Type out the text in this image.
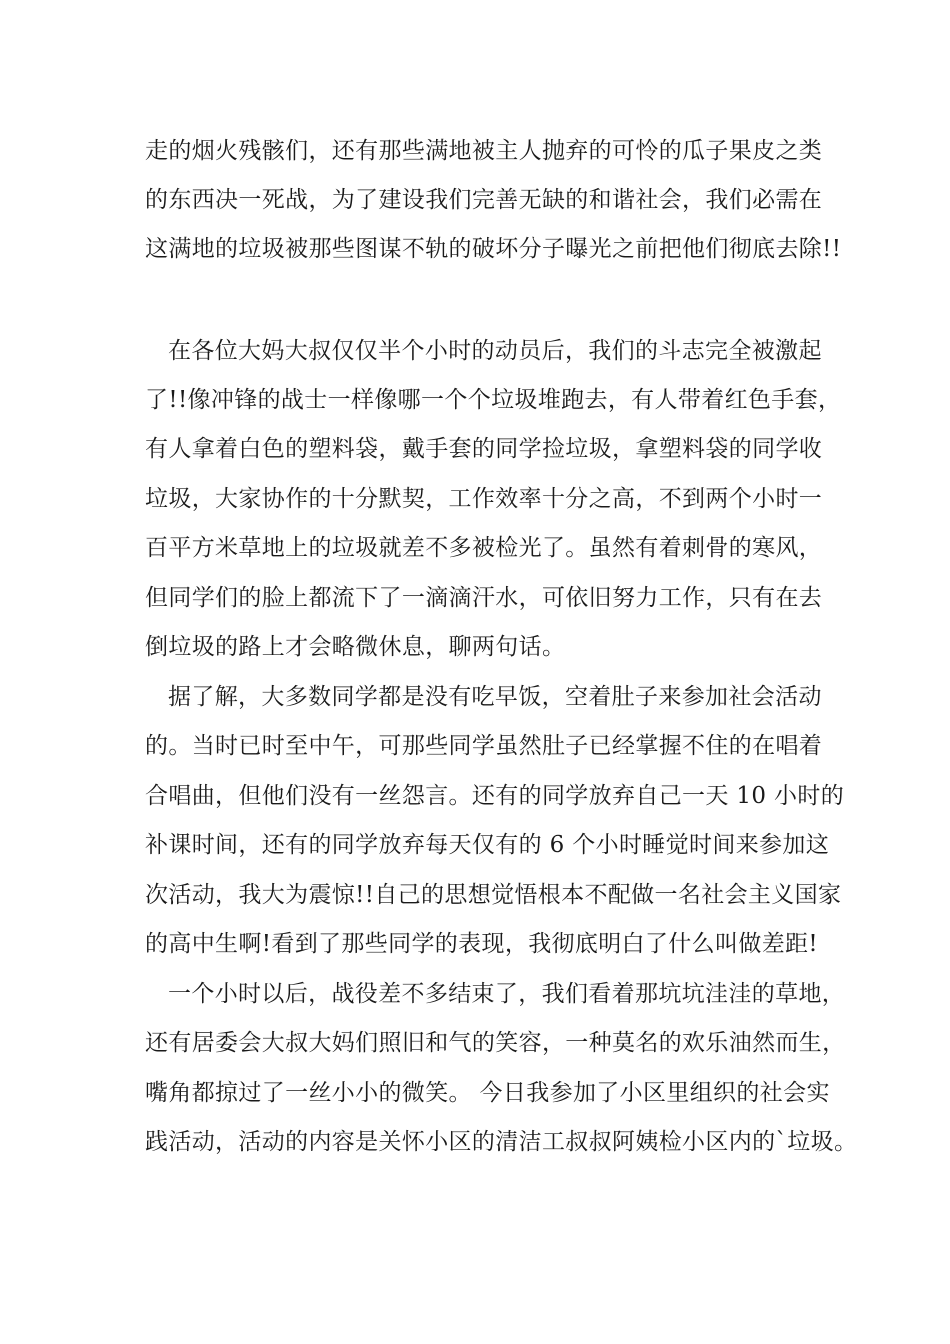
走的烟火残骸们，还有那些满地被主人抛弃的可怜的瓜子果皮之类
的东西决一死战，为了建设我们完善无缺的和谐社会，我们必需在
这满地的垃圾被那些图谋不轨的破坏分子曝光之前把他们彻底去除!!
在各位大妈大叔仅仅半个小时的动员后，我们的斗志完全被激起
了!!像冲锋的战士一样像哪一个个垃圾堆跑去，有人带着红色手套，
有人拿着白色的塑料袋，戴手套的同学捡垃圾，拿塑料袋的同学收
垃圾，大家协作的十分默契，工作效率十分之高，不到两个小时一
百平方米草地上的垃圾就差不多被检光了。虽然有着刺骨的寒风，
但同学们的脸上都流下了一滴滴汗水，可依旧努力工作，只有在去
倒垃圾的路上才会略微休息，聊两句话。
据了解，大多数同学都是没有吃早饭，空着肚子来参加社会活动
的。当时已时至中午，可那些同学虽然肚子已经掌握不住的在唱着
合唱曲，但他们没有一丝怨言。还有的同学放弃自己一天 10 小时的
补课时间，还有的同学放弃每天仅有的 6 个小时睡觉时间来参加这
次活动，我大为震惊!!自己的思想觉悟根本不配做一名社会主义国家
的高中生啊!看到了那些同学的表现，我彻底明白了什么叫做差距!
一个小时以后，战役差不多结束了，我们看着那坑坑洼洼的草地，
还有居委会大叔大妈们照旧和气的笑容，一种莫名的欢乐油然而生，
嘴角都掠过了一丝小小的微笑。 今日我参加了小区里组织的社会实
践活动，活动的内容是关怀小区的清洁工叔叔阿姨检小区内的`垃圾。
